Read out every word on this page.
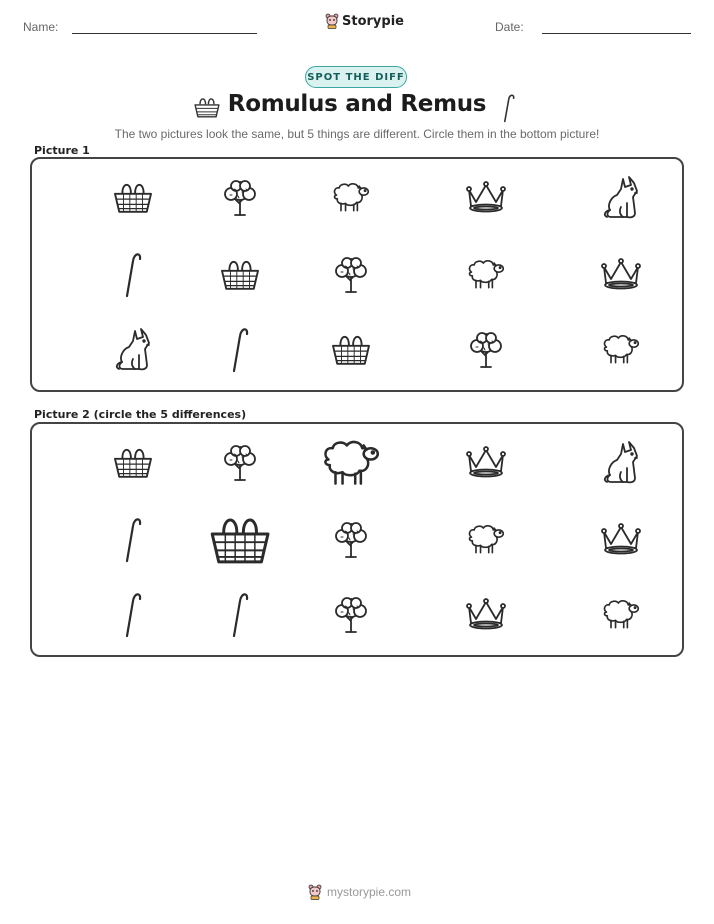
Name:	Storypie	Date:
SPOT THE DIFF
Romulus and Remus
The two pictures look the same, but 5 things are different. Circle them in the bottom picture!
Picture 1
Picture 2 (circle the 5 differences)
mystorypie.com
